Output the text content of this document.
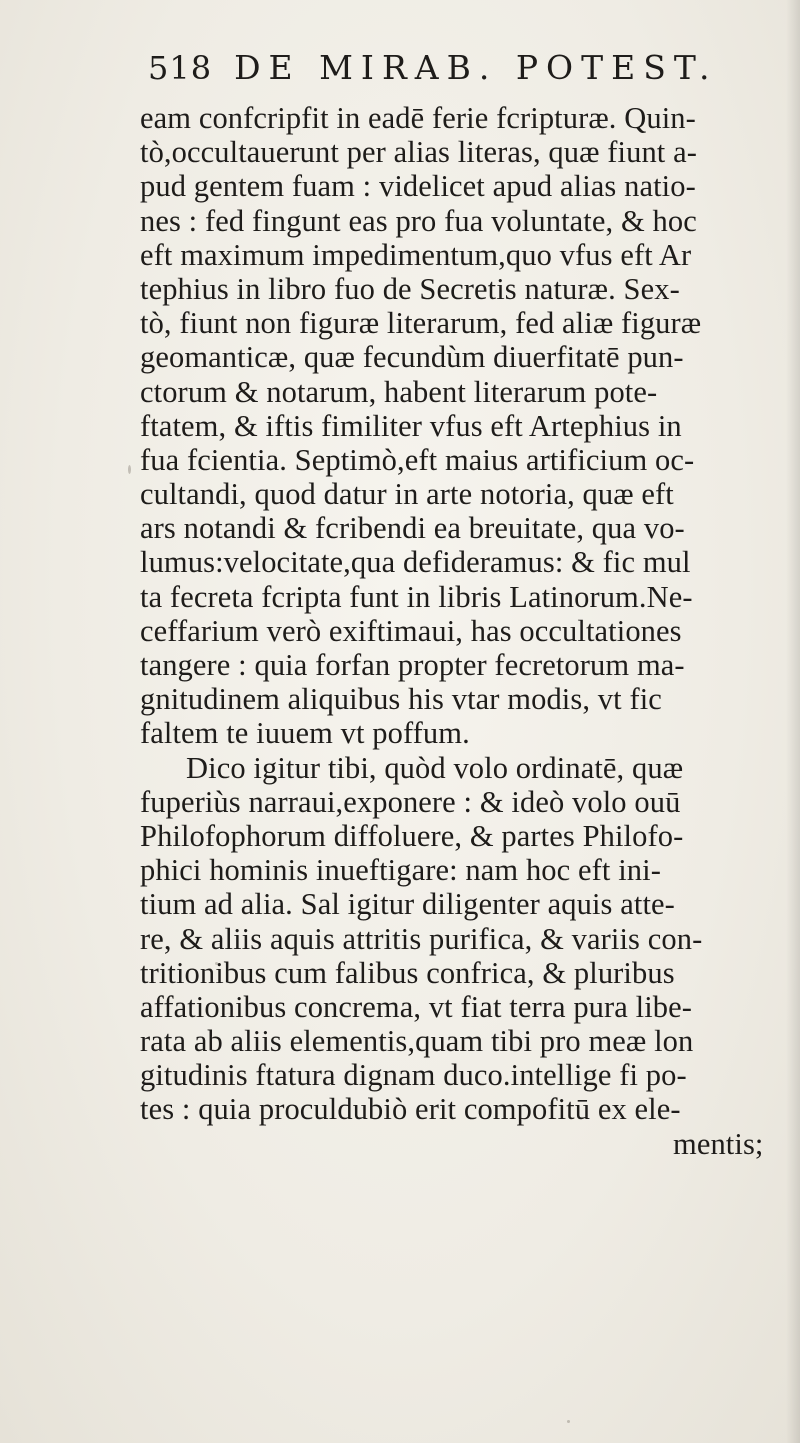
518 DE MIRAB. POTEST.
eam confcripfit in eadē ferie fcripturæ. Quin-
tò,occultauerunt per alias literas, quæ fiunt a-
pud gentem fuam : videlicet apud alias natio-
nes : fed fingunt eas pro fua voluntate, & hoc
eft maximum impedimentum,quo vfus eft Ar
tephius in libro fuo de Secretis naturæ. Sex-
tò, fiunt non figuræ literarum, fed aliæ figuræ
geomanticæ, quæ fecundùm diuerfitatē pun-
ctorum & notarum, habent literarum pote-
ftatem, & iftis fimiliter vfus eft Artephius in
fua fcientia. Septimò,eft maius artificium oc-
cultandi, quod datur in arte notoria, quæ eft
ars notandi & fcribendi ea breuitate, qua vo-
lumus:velocitate,qua defideramus: & fic mul
ta fecreta fcripta funt in libris Latinorum.Ne-
ceffarium verò exiftimaui, has occultationes
tangere : quia forfan propter fecretorum ma-
gnitudinem aliquibus his vtar modis, vt fic
faltem te iuuem vt poffum.
Dico igitur tibi, quòd volo ordinatē, quæ
fuperiùs narraui,exponere : & ideò volo ouū
Philofophorum diffoluere, & partes Philofo-
phici hominis inueftigare: nam hoc eft ini-
tium ad alia. Sal igitur diligenter aquis atte-
re, & aliis aquis attritis purifica, & variis con-
tritionibus cum falibus confrica, & pluribus
affationibus concrema, vt fiat terra pura libe-
rata ab aliis elementis,quam tibi pro meæ lon
gitudinis ftatura dignam duco.intellige fi po-
tes : quia proculdubiò erit compofitū ex ele-
mentis;
